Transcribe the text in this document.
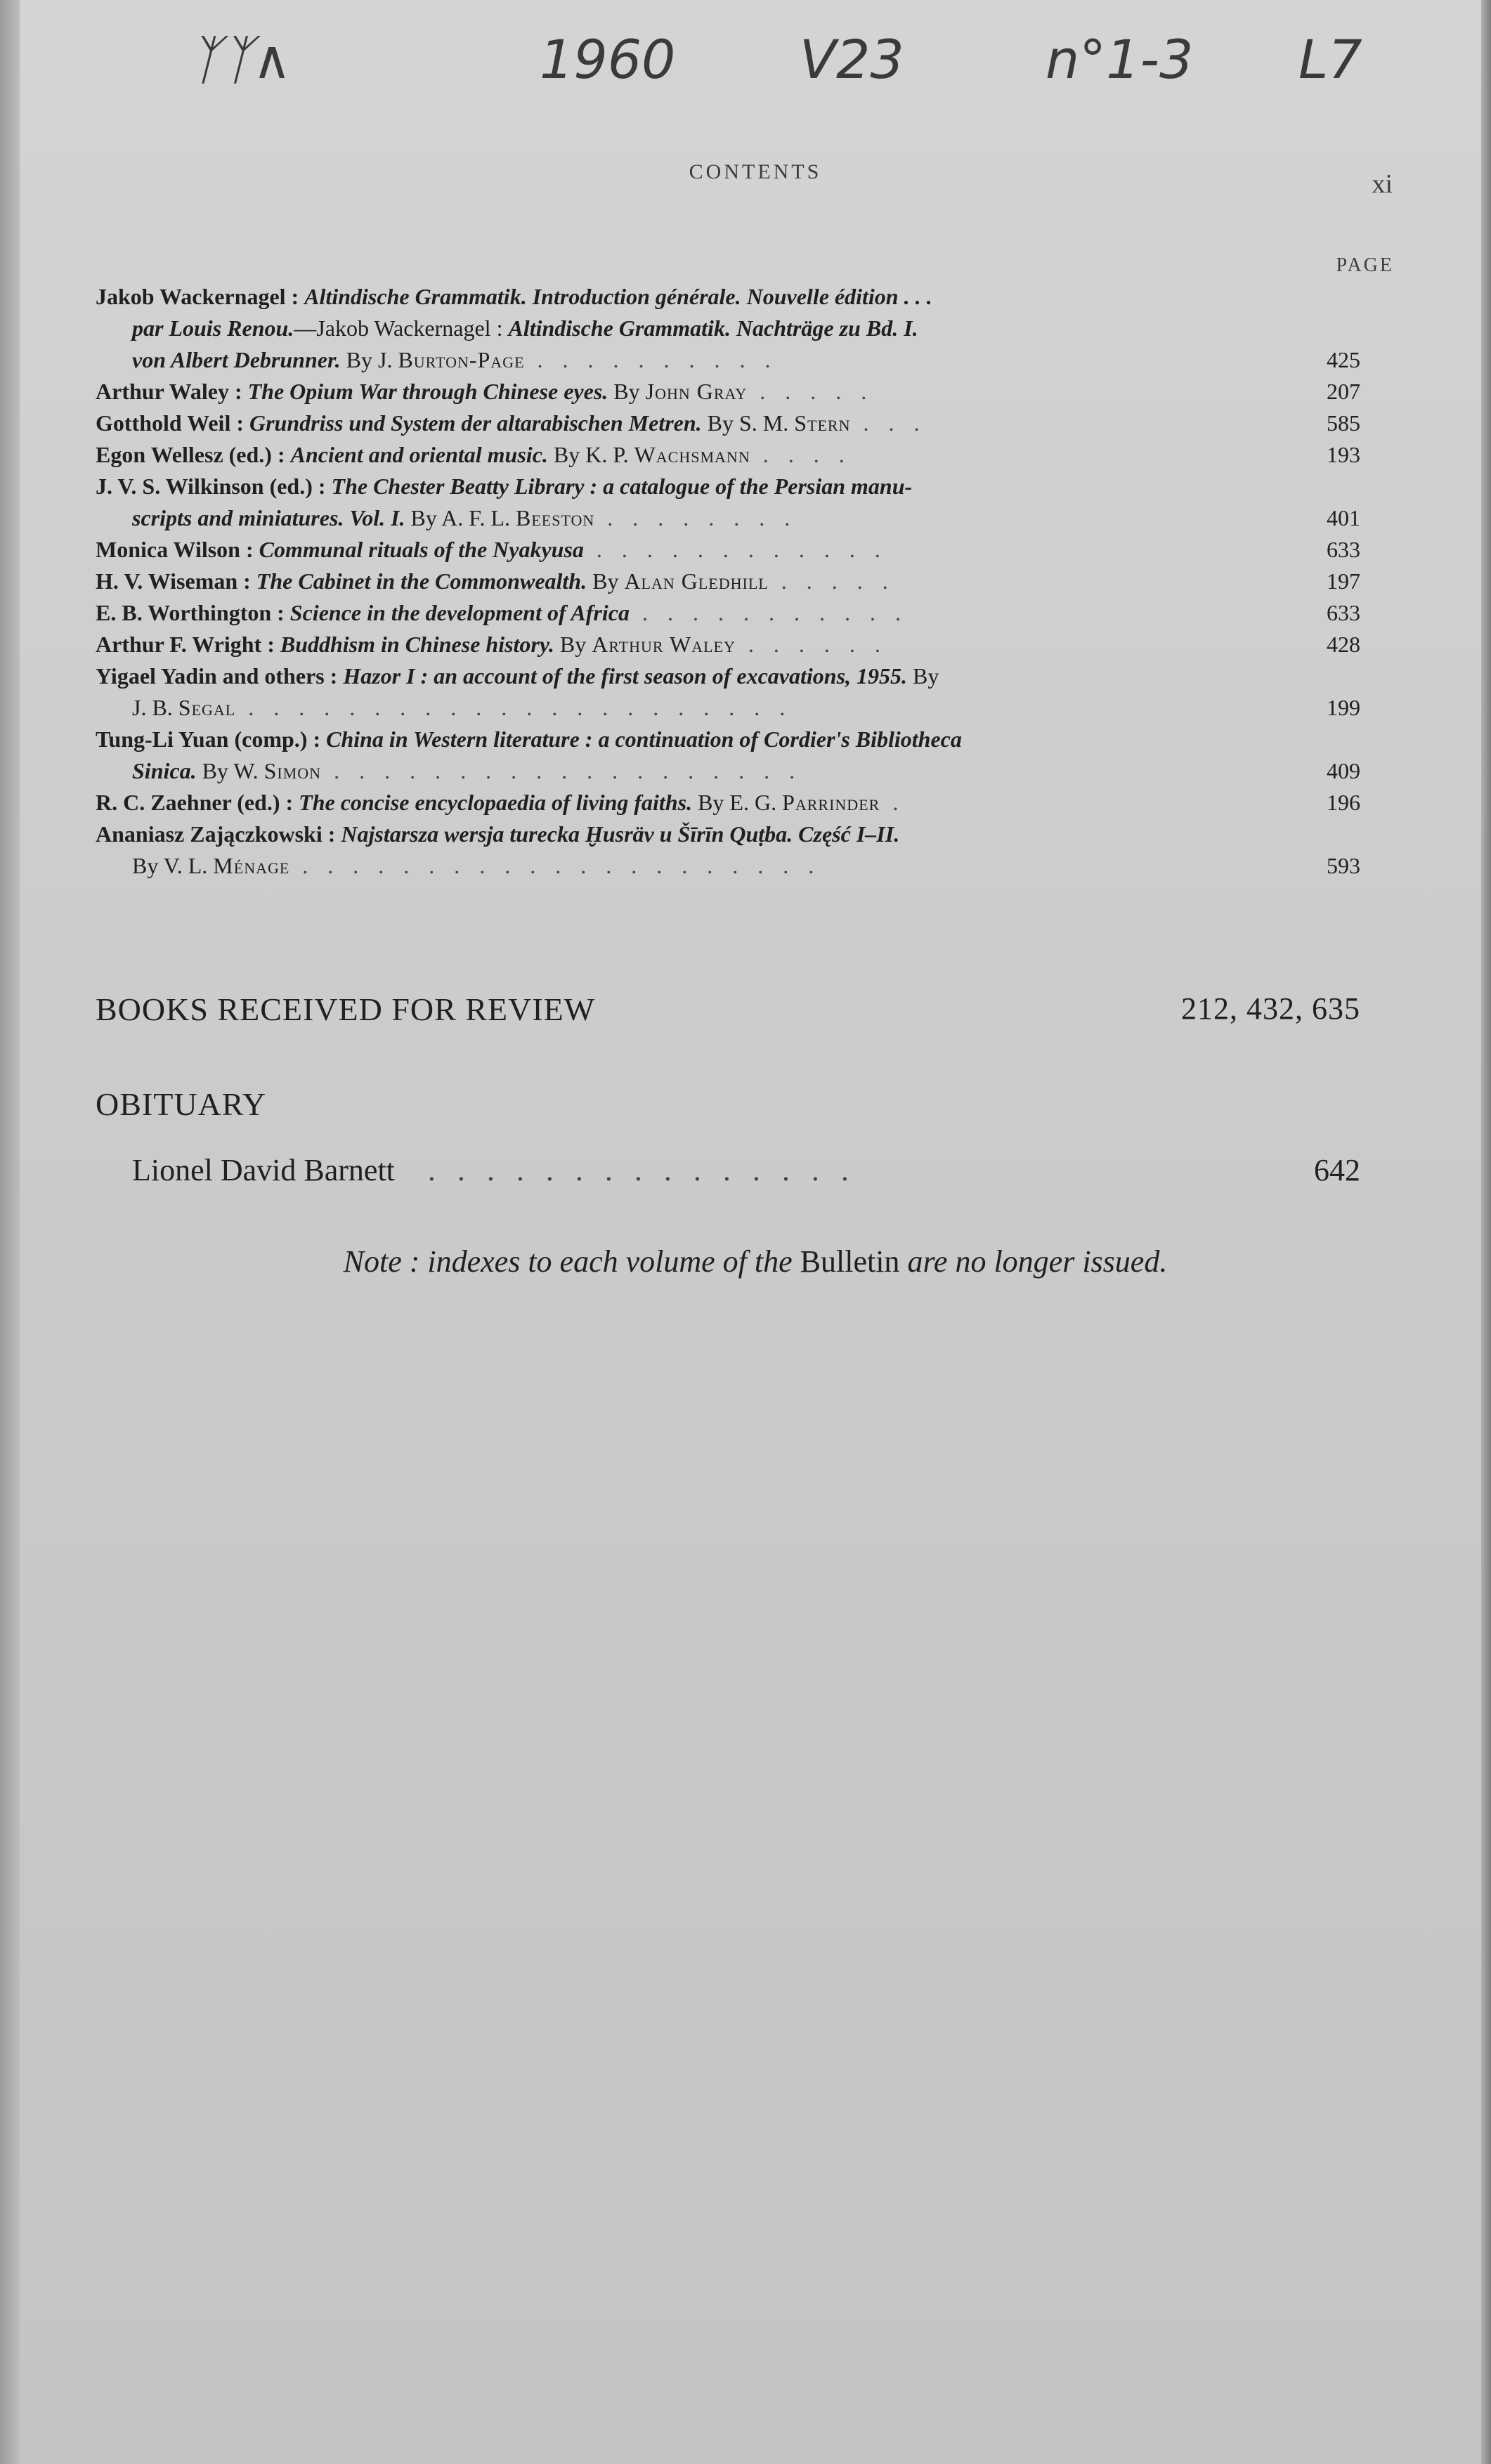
ᛉᛉ∧	1960 V23	n°1-3 L7
CONTENTS	xi
PAGE
Jakob Wackernagel : Altindische Grammatik. Introduction générale. Nouvelle édition . . .
par Louis Renou.—Jakob Wackernagel : Altindische Grammatik. Nachträge zu Bd. I.
von Albert Debrunner. By J. Burton-Page . . . . . . . . . .	425
Arthur Waley : The Opium War through Chinese eyes. By John Gray . . . . .	207
Gotthold Weil : Grundriss und System der altarabischen Metren. By S. M. Stern . . .	585
Egon Wellesz (ed.) : Ancient and oriental music. By K. P. Wachsmann . . . .	193
J. V. S. Wilkinson (ed.) : The Chester Beatty Library : a catalogue of the Persian manu-
scripts and miniatures. Vol. I. By A. F. L. Beeston . . . . . . . .	401
Monica Wilson : Communal rituals of the Nyakyusa . . . . . . . . . . . .	633
H. V. Wiseman : The Cabinet in the Commonwealth. By Alan Gledhill . . . . .	197
E. B. Worthington : Science in the development of Africa . . . . . . . . . . .	633
Arthur F. Wright : Buddhism in Chinese history. By Arthur Waley . . . . . .	428
Yigael Yadin and others : Hazor I : an account of the first season of excavations, 1955. By
J. B. Segal . . . . . . . . . . . . . . . . . . . . . .	199
Tung-Li Yuan (comp.) : China in Western literature : a continuation of Cordier's Bibliotheca
Sinica. By W. Simon . . . . . . . . . . . . . . . . . . .	409
R. C. Zaehner (ed.) : The concise encyclopaedia of living faiths. By E. G. Parrinder .	196
Ananiasz Zajączkowski : Najstarsza wersja turecka Ḫusräv u Šīrīn Quṭba. Część I–II.
By V. L. Ménage . . . . . . . . . . . . . . . . . . . . .	593
BOOKS RECEIVED FOR REVIEW	212, 432, 635
OBITUARY
Lionel David Barnett . . . . . . . . . . . . . . .	642
Note : indexes to each volume of the Bulletin are no longer issued.
